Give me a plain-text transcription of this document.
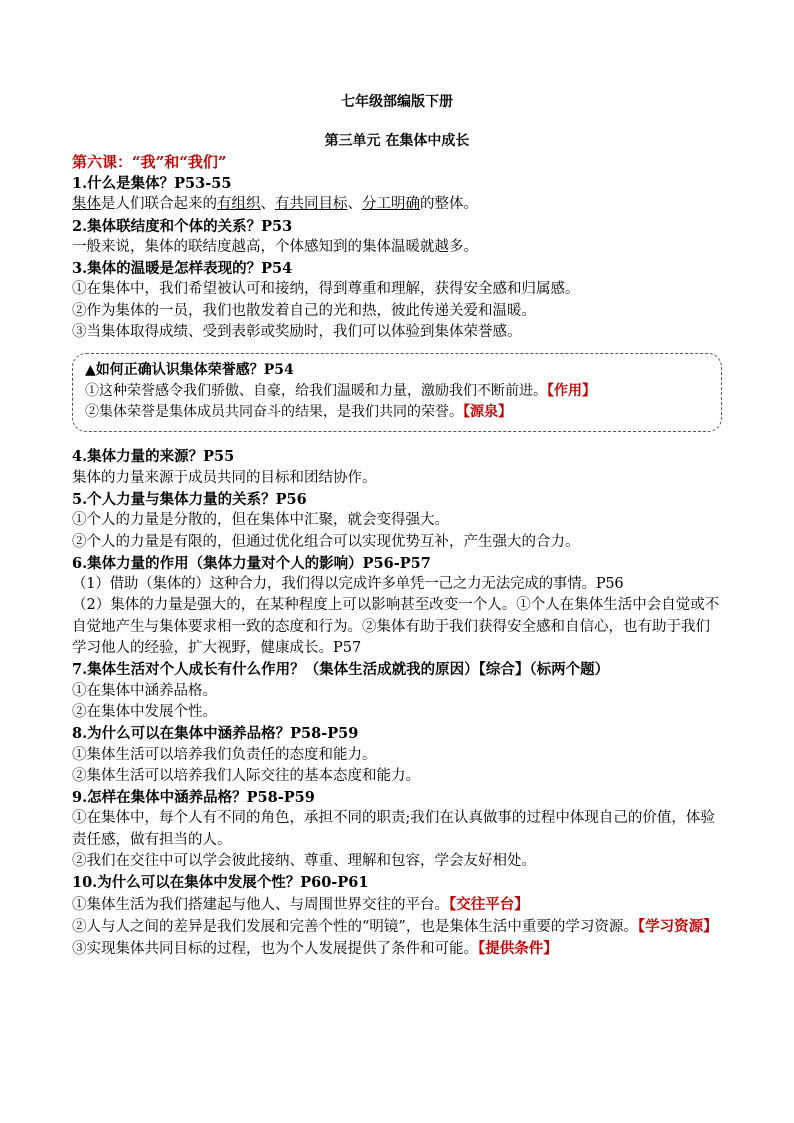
七年级部编版下册
第三单元 在集体中成长
第六课：“我”和“我们”
1.什么是集体？P53-55
集体是人们联合起来的有组织、有共同目标、分工明确的整体。
2.集体联结度和个体的关系？P53
一般来说，集体的联结度越高，个体感知到的集体温暖就越多。
3.集体的温暖是怎样表现的？P54
①在集体中，我们希望被认可和接纳，得到尊重和理解，获得安全感和归属感。
②作为集体的一员，我们也散发着自己的光和热，彼此传递关爱和温暖。
③当集体取得成绩、受到表彰或奖励时，我们可以体验到集体荣誉感。
▲如何正确认识集体荣誉感？P54
①这种荣誉感令我们骄傲、自豪，给我们温暖和力量，激励我们不断前进。【作用】
②集体荣誉是集体成员共同奋斗的结果，是我们共同的荣誉。【源泉】
4.集体力量的来源？P55
集体的力量来源于成员共同的目标和团结协作。
5.个人力量与集体力量的关系？P56
①个人的力量是分散的，但在集体中汇聚，就会变得强大。
②个人的力量是有限的，但通过优化组合可以实现优势互补，产生强大的合力。
6.集体力量的作用（集体力量对个人的影响）P56-P57
（1）借助（集体的）这种合力，我们得以完成许多单凭一己之力无法完成的事情。P56
（2）集体的力量是强大的，在某种程度上可以影响甚至改变一个人。①个人在集体生活中会自觉或不自觉地产生与集体要求相一致的态度和行为。②集体有助于我们获得安全感和自信心，也有助于我们学习他人的经验，扩大视野，健康成长。P57
7.集体生活对个人成长有什么作用？（集体生活成就我的原因）【综合】（标两个题）
①在集体中涵养品格。
②在集体中发展个性。
8.为什么可以在集体中涵养品格？P58-P59
①集体生活可以培养我们负责任的态度和能力。
②集体生活可以培养我们人际交往的基本态度和能力。
9.怎样在集体中涵养品格？P58-P59
①在集体中，每个人有不同的角色，承担不同的职责;我们在认真做事的过程中体现自己的价值，体验责任感，做有担当的人。
②我们在交往中可以学会彼此接纳、尊重、理解和包容，学会友好相处。
10.为什么可以在集体中发展个性？P60-P61
①集体生活为我们搭建起与他人、与周围世界交往的平台。【交往平台】
②人与人之间的差异是我们发展和完善个性的“明镜”，也是集体生活中重要的学习资源。【学习资源】
③实现集体共同目标的过程，也为个人发展提供了条件和可能。【提供条件】
